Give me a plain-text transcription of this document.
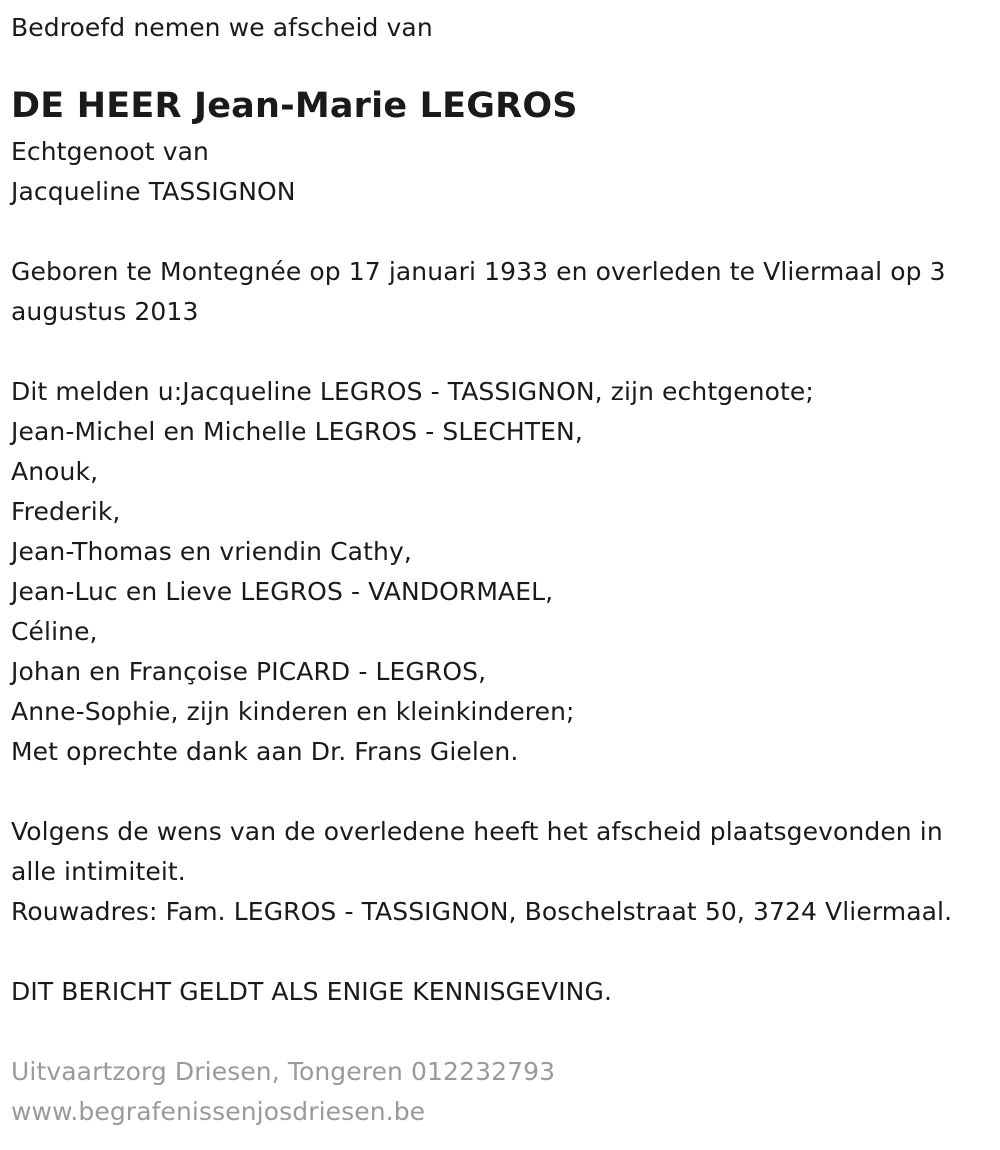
Bedroefd nemen we afscheid van
DE HEER Jean-Marie LEGROS
Echtgenoot van
Jacqueline TASSIGNON
Geboren te Montegnée op 17 januari 1933 en overleden te Vliermaal op 3
augustus 2013
Dit melden u:Jacqueline LEGROS - TASSIGNON, zijn echtgenote;
Jean-Michel en Michelle LEGROS - SLECHTEN,
Anouk,
Frederik,
Jean-Thomas en vriendin Cathy,
Jean-Luc en Lieve LEGROS - VANDORMAEL,
Céline,
Johan en Françoise PICARD - LEGROS,
Anne-Sophie, zijn kinderen en kleinkinderen;
Met oprechte dank aan Dr. Frans Gielen.
Volgens de wens van de overledene heeft het afscheid plaatsgevonden in
alle intimiteit.
Rouwadres: Fam. LEGROS - TASSIGNON, Boschelstraat 50, 3724 Vliermaal.
DIT BERICHT GELDT ALS ENIGE KENNISGEVING.
Uitvaartzorg Driesen, Tongeren 012232793
www.begrafenissenjosdriesen.be
